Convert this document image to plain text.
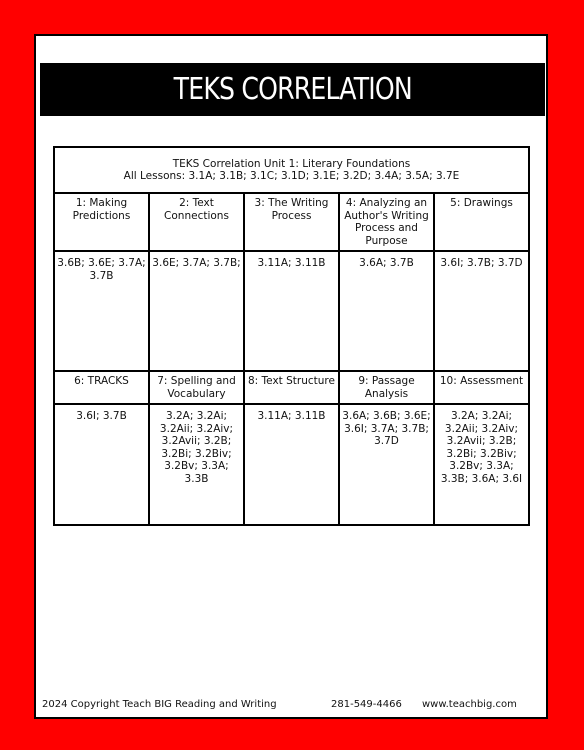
TEKS CORRELATION
TEKS Correlation Unit 1: Literary Foundations
All Lessons: 3.1A; 3.1B; 3.1C; 3.1D; 3.1E; 3.2D; 3.4A; 3.5A; 3.7E				

1: Making Predictions	2: Text Connections	3: The Writing Process	4: Analyzing an Author's Writing Process and Purpose	5: Drawings
3.6B; 3.6E; 3.7A; 3.7B	3.6E; 3.7A; 3.7B;	3.11A; 3.11B	3.6A; 3.7B	3.6I; 3.7B; 3.7D
6: TRACKS	7: Spelling and Vocabulary	8: Text Structure	9: Passage Analysis	10: Assessment
3.6I; 3.7B	3.2A; 3.2Ai; 3.2Aii; 3.2Aiv; 3.2Avii; 3.2B; 3.2Bi; 3.2Biv; 3.2Bv; 3.3A; 3.3B	3.11A; 3.11B	3.6A; 3.6B; 3.6E; 3.6I; 3.7A; 3.7B; 3.7D	3.2A; 3.2Ai; 3.2Aii; 3.2Aiv; 3.2Avii; 3.2B; 3.2Bi; 3.2Biv; 3.2Bv; 3.3A; 3.3B; 3.6A; 3.6I
2024 Copyright Teach BIG Reading and Writing	281-549-4466 www.teachbig.com
